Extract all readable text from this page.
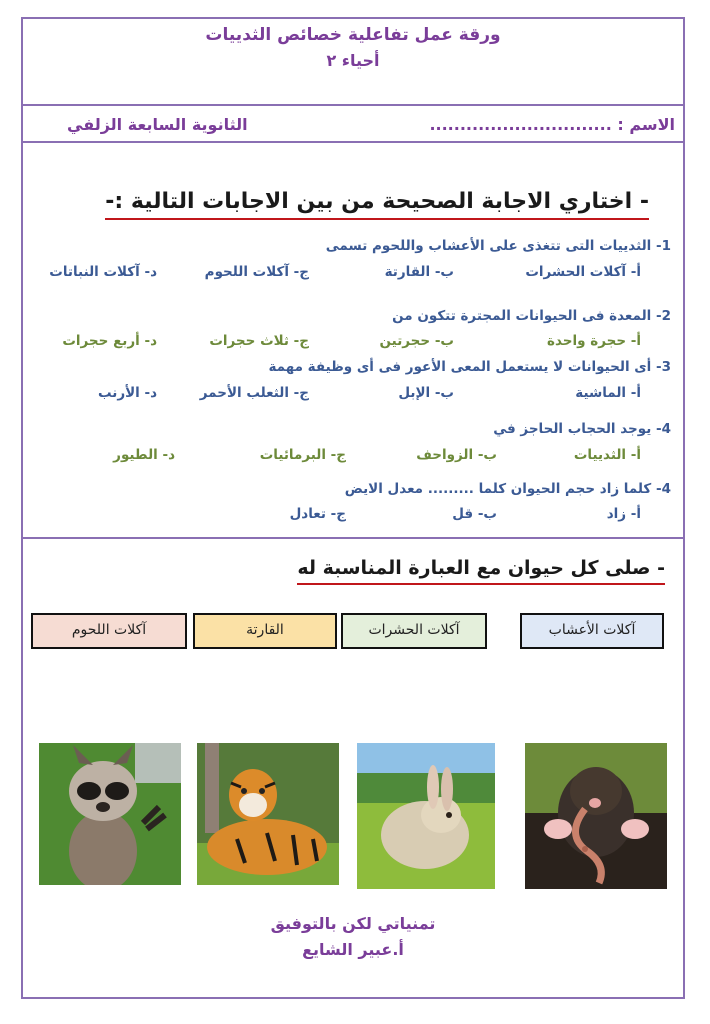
ورقة عمل تفاعلية خصائص الثدييات
أحياء ٢
الاسم : ..............................
الثانوية السابعة الزلفي
- اختاري الاجابة الصحيحة من بين الاجابات التالية :-
1- الثدييات التى تتغذى على الأعشاب واللحوم تسمى
أ- آكلات الحشرات
ب- القارتة
ج- آكلات اللحوم
د- آكلات النباتات
2- المعدة فى الحيوانات المجترة تتكون من
أ- حجرة واحدة
ب- حجرتين
ج- ثلاث حجرات
د- أربع حجرات
3- أى الحيوانات لا يستعمل المعى الأعور فى أى وظيفة مهمة
أ- الماشية
ب- الإبل
ج- الثعلب الأحمر
د- الأرنب
4- يوجد الحجاب الحاجز في
أ- الثدييات
ب- الزواحف
ج- البرمائيات
د- الطيور
4- كلما زاد حجم الحيوان كلما ......... معدل الايض
أ- زاد
ب- قل
ج- تعادل
- صلى كل حيوان مع العبارة المناسبة له
آكلات الأعشاب
آكلات الحشرات
القارتة
آكلات اللحوم
تمنياتي لكن بالتوفيق
أ.عبير الشايع
